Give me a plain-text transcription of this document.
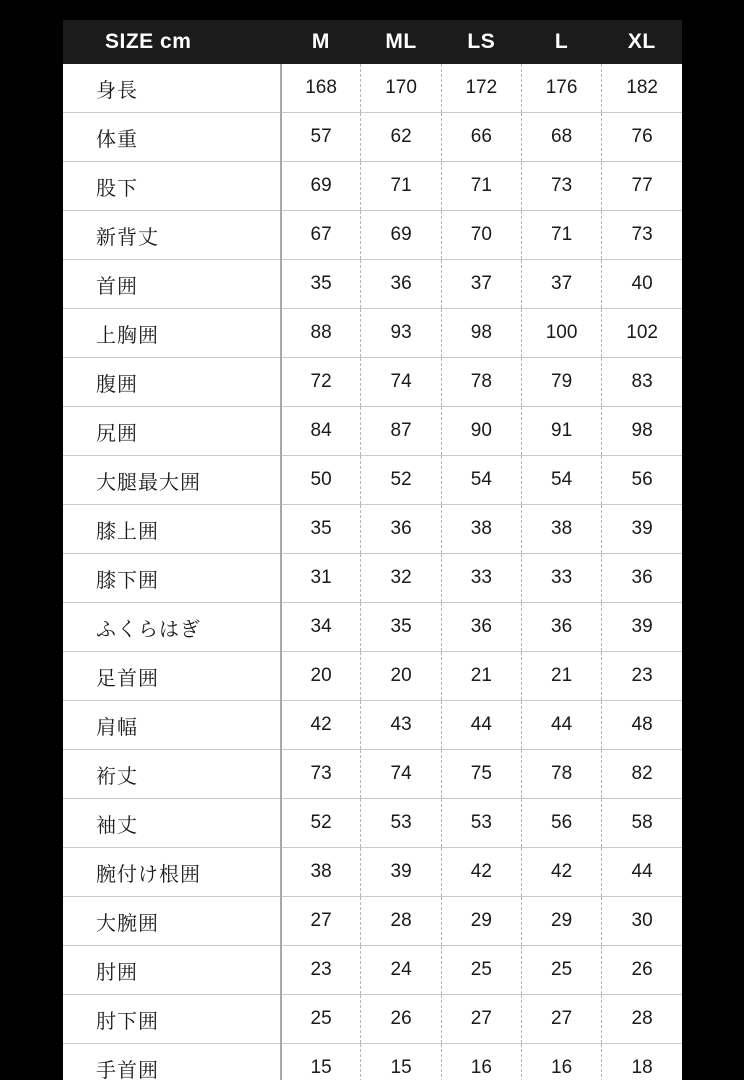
SIZE cm	M	ML	LS	L	XL
身長	168	170	172	176	182
体重	57	62	66	68	76
股下	69	71	71	73	77
新背丈	67	69	70	71	73
首囲	35	36	37	37	40
上胸囲	88	93	98	100	102
腹囲	72	74	78	79	83
尻囲	84	87	90	91	98
大腿最大囲	50	52	54	54	56
膝上囲	35	36	38	38	39
膝下囲	31	32	33	33	36
ふくらはぎ	34	35	36	36	39
足首囲	20	20	21	21	23
肩幅	42	43	44	44	48
裄丈	73	74	75	78	82
袖丈	52	53	53	56	58
腕付け根囲	38	39	42	42	44
大腕囲	27	28	29	29	30
肘囲	23	24	25	25	26
肘下囲	25	26	27	27	28
手首囲	15	15	16	16	18
